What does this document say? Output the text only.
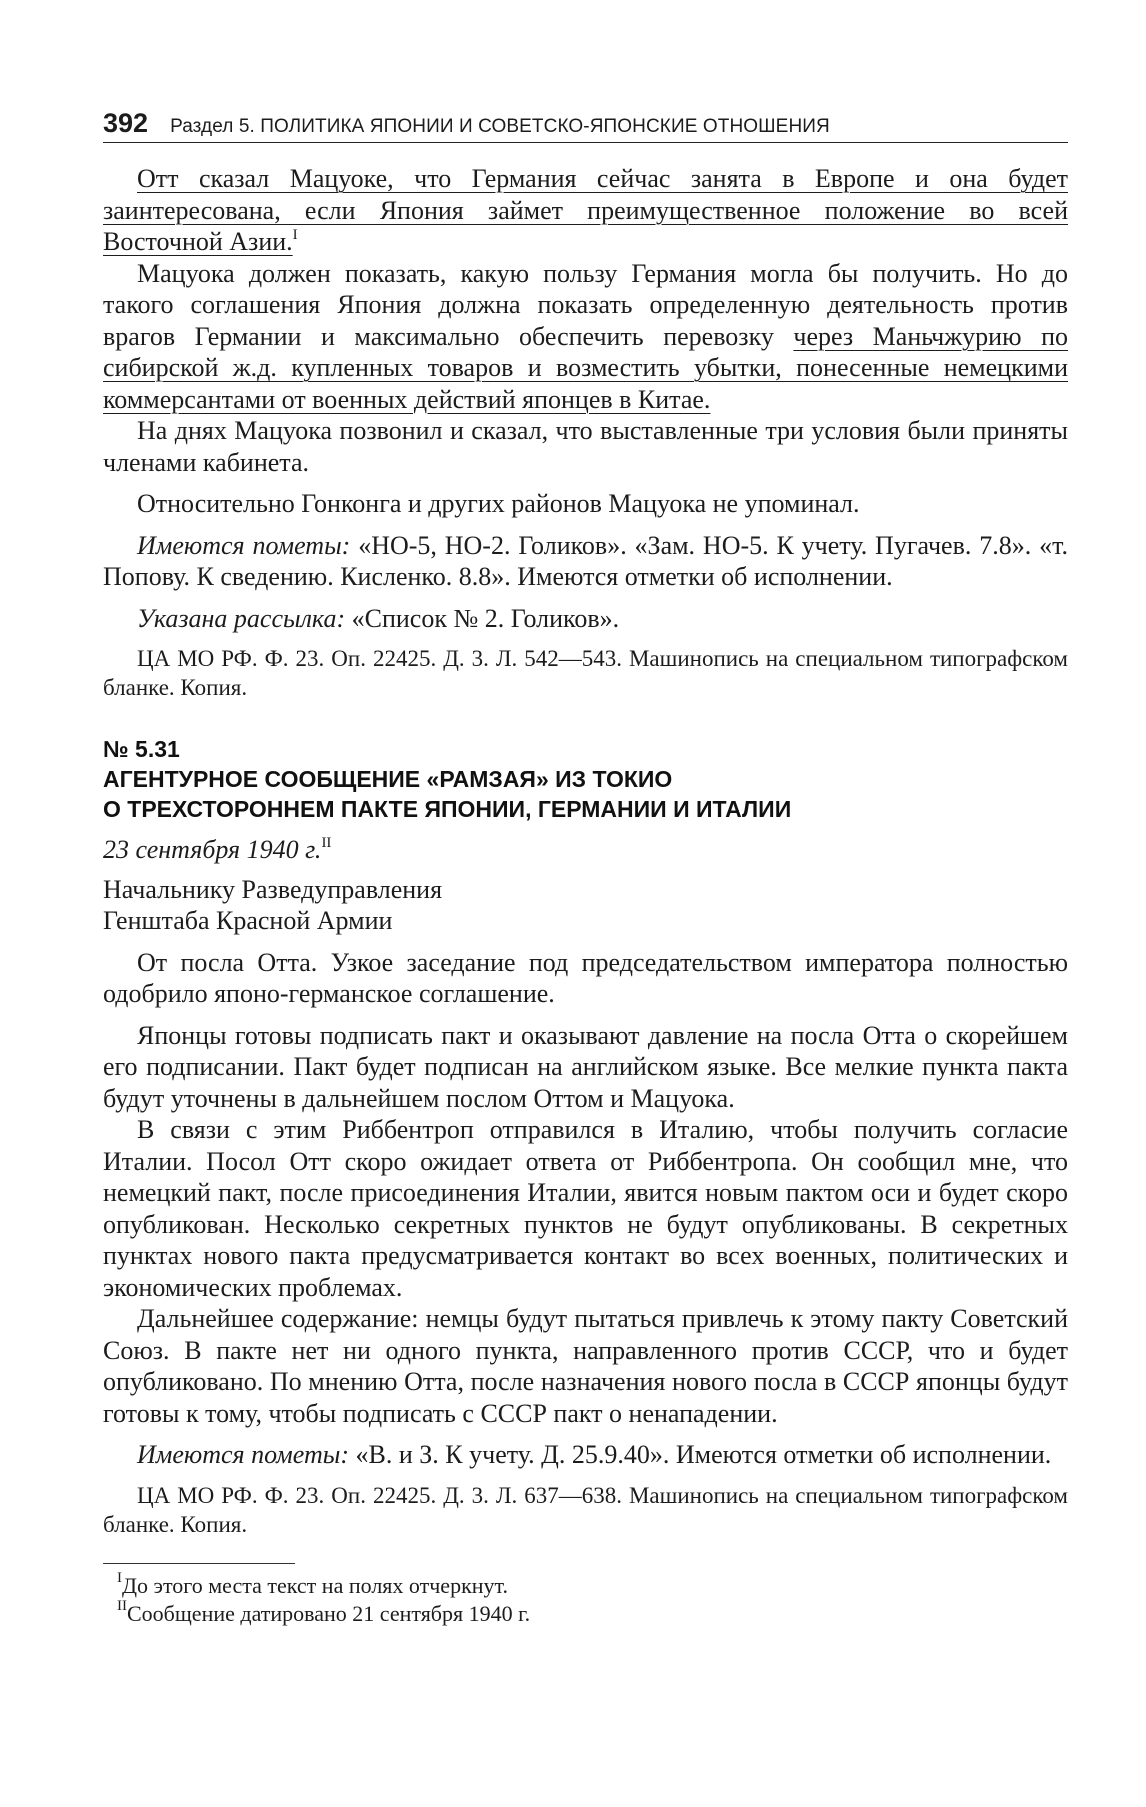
392 Раздел 5. ПОЛИТИКА ЯПОНИИ И СОВЕТСКО-ЯПОНСКИЕ ОТНОШЕНИЯ

Отт сказал Мацуоке, что Германия сейчас занята в Европе и она будет заинтересована, если Япония займет преимущественное положение во всей Восточной Азии.$^I$

Мацуока должен показать, какую пользу Германия могла бы получить. Но до такого соглашения Япония должна показать определенную деятельность против врагов Германии и максимально обеспечить перевозку через Маньчжурию по сибирской ж.д. купленных товаров и возместить убытки, понесенные немецкими коммерсантами от военных действий японцев в Китае.

На днях Мацуока позвонил и сказал, что выставленные три условия были приняты членами кабинета.

Относительно Гонконга и других районов Мацуока не упоминал.

Имеются пометы: «НО-5, НО-2. Голиков». «Зам. НО-5. К учету. Пугачев. 7.8». «т. Попову. К сведению. Кисленко. 8.8». Имеются отметки об исполнении.

Указана рассылка: «Список № 2. Голиков».

ЦА МО РФ. Ф. 23. Оп. 22425. Д. 3. Л. 542—543. Машинопись на специальном типографском бланке. Копия.

№ 5.31
АГЕНТУРНОЕ СООБЩЕНИЕ «РАМЗАЯ» ИЗ ТОКИО
О ТРЕХСТОРОННЕМ ПАКТЕ ЯПОНИИ, ГЕРМАНИИ И ИТАЛИИ

23 сентября 1940 г.$^{II}$

Начальнику Разведуправления
Генштаба Красной Армии

От посла Отта. Узкое заседание под председательством императора полностью одобрило японо-германское соглашение.

Японцы готовы подписать пакт и оказывают давление на посла Отта о скорейшем его подписании. Пакт будет подписан на английском языке. Все мелкие пункта пакта будут уточнены в дальнейшем послом Оттом и Мацуока.

В связи с этим Риббентроп отправился в Италию, чтобы получить согласие Италии. Посол Отт скоро ожидает ответа от Риббентропа. Он сообщил мне, что немецкий пакт, после присоединения Италии, явится новым пактом оси и будет скоро опубликован. Несколько секретных пунктов не будут опубликованы. В секретных пунктах нового пакта предусматривается контакт во всех военных, политических и экономических проблемах.

Дальнейшее содержание: немцы будут пытаться привлечь к этому пакту Советский Союз. В пакте нет ни одного пункта, направленного против СССР, что и будет опубликовано. По мнению Отта, после назначения нового посла в СССР японцы будут готовы к тому, чтобы подписать с СССР пакт о ненападении.

Имеются пометы: «В. и З. К учету. Д. 25.9.40». Имеются отметки об исполнении.

ЦА МО РФ. Ф. 23. Оп. 22425. Д. 3. Л. 637—638. Машинопись на специальном типографском бланке. Копия.

$^I$До этого места текст на полях отчеркнут.

$^{II}$Сообщение датировано 21 сентября 1940 г.
